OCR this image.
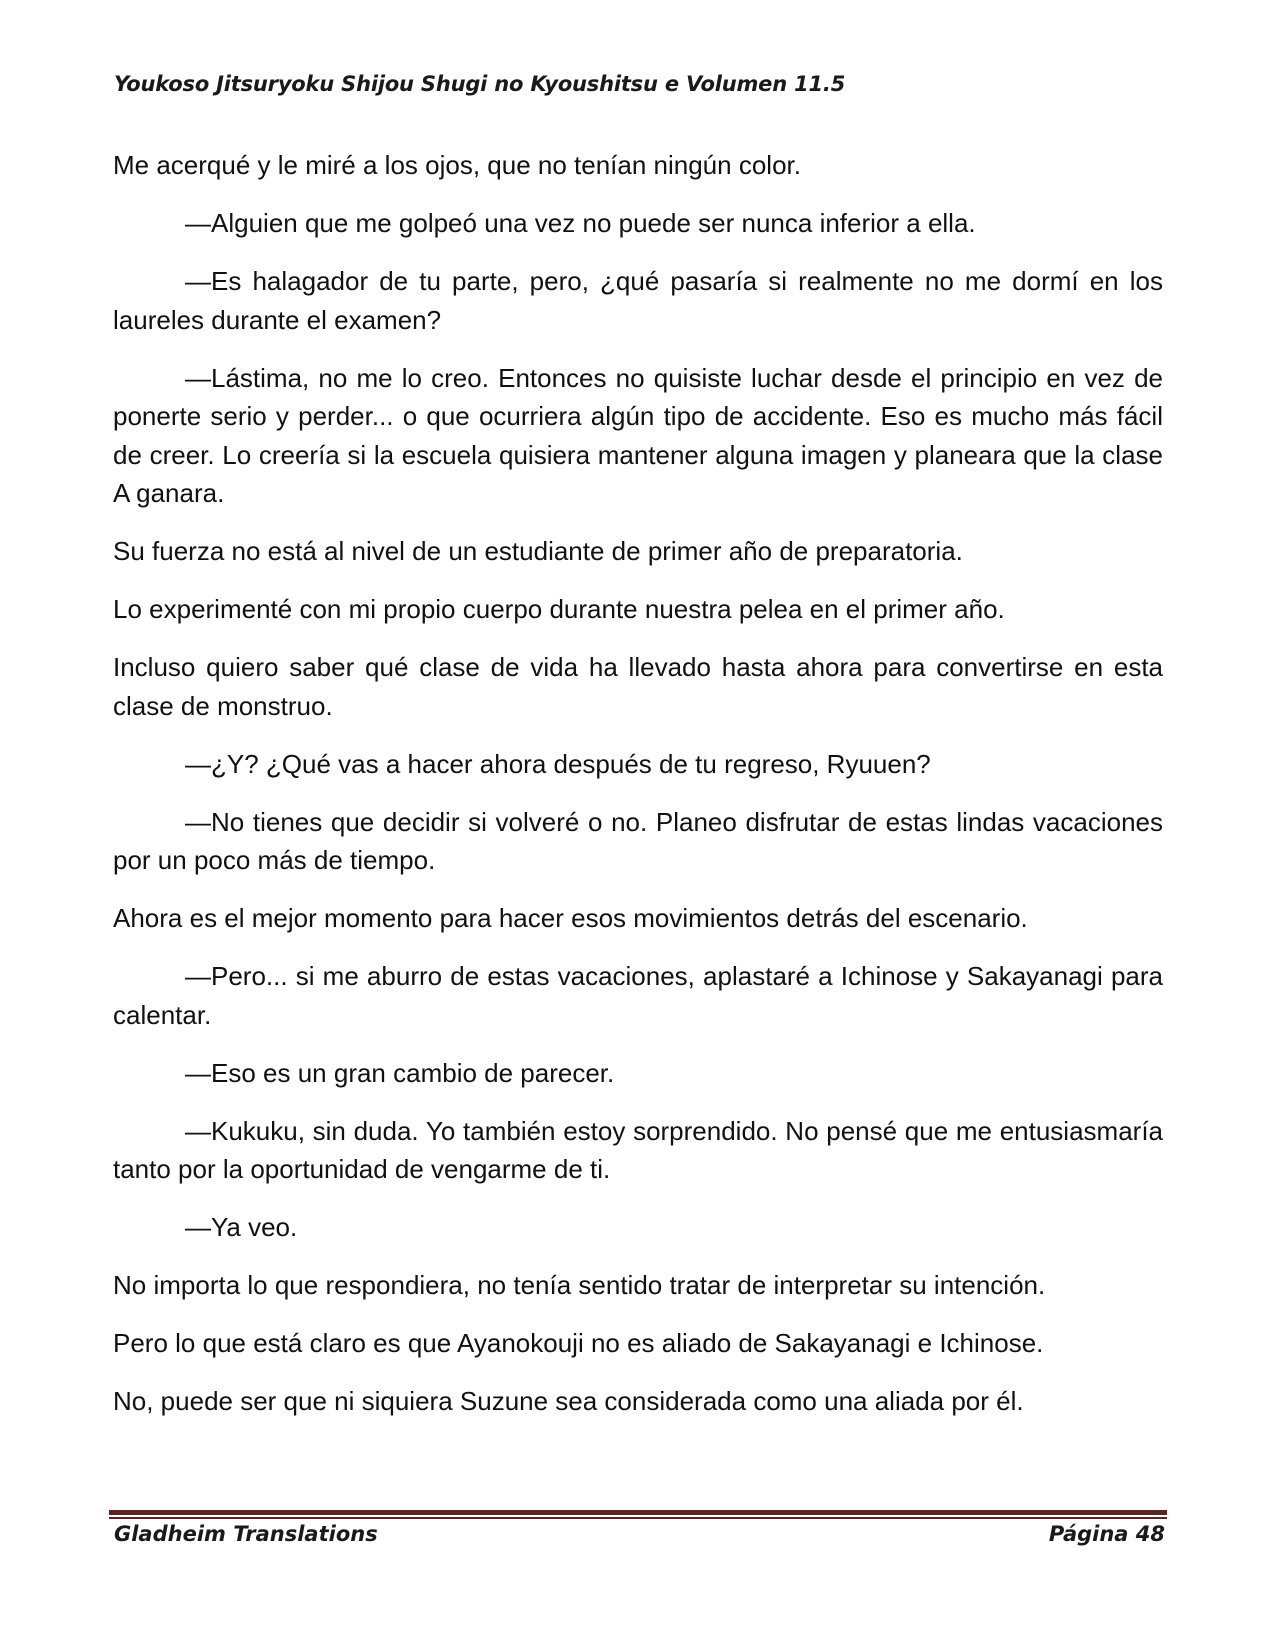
Youkoso Jitsuryoku Shijou Shugi no Kyoushitsu e Volumen 11.5

Me acerqué y le miré a los ojos, que no tenían ningún color.

—Alguien que me golpeó una vez no puede ser nunca inferior a ella.

—Es halagador de tu parte, pero, ¿qué pasaría si realmente no me dormí en los laureles durante el examen?

—Lástima, no me lo creo. Entonces no quisiste luchar desde el principio en vez de ponerte serio y perder... o que ocurriera algún tipo de accidente. Eso es mucho más fácil de creer. Lo creería si la escuela quisiera mantener alguna imagen y planeara que la clase A ganara.

Su fuerza no está al nivel de un estudiante de primer año de preparatoria.

Lo experimenté con mi propio cuerpo durante nuestra pelea en el primer año.

Incluso quiero saber qué clase de vida ha llevado hasta ahora para convertirse en esta clase de monstruo.

—¿Y? ¿Qué vas a hacer ahora después de tu regreso, Ryuuen?

—No tienes que decidir si volveré o no. Planeo disfrutar de estas lindas vacaciones por un poco más de tiempo.

Ahora es el mejor momento para hacer esos movimientos detrás del escenario.

—Pero... si me aburro de estas vacaciones, aplastaré a Ichinose y Sakayanagi para calentar.

—Eso es un gran cambio de parecer.

—Kukuku, sin duda. Yo también estoy sorprendido. No pensé que me entusiasmaría tanto por la oportunidad de vengarme de ti.

—Ya veo.

No importa lo que respondiera, no tenía sentido tratar de interpretar su intención.

Pero lo que está claro es que Ayanokouji no es aliado de Sakayanagi e Ichinose.

No, puede ser que ni siquiera Suzune sea considerada como una aliada por él.

Gladheim Translations	Página 48
